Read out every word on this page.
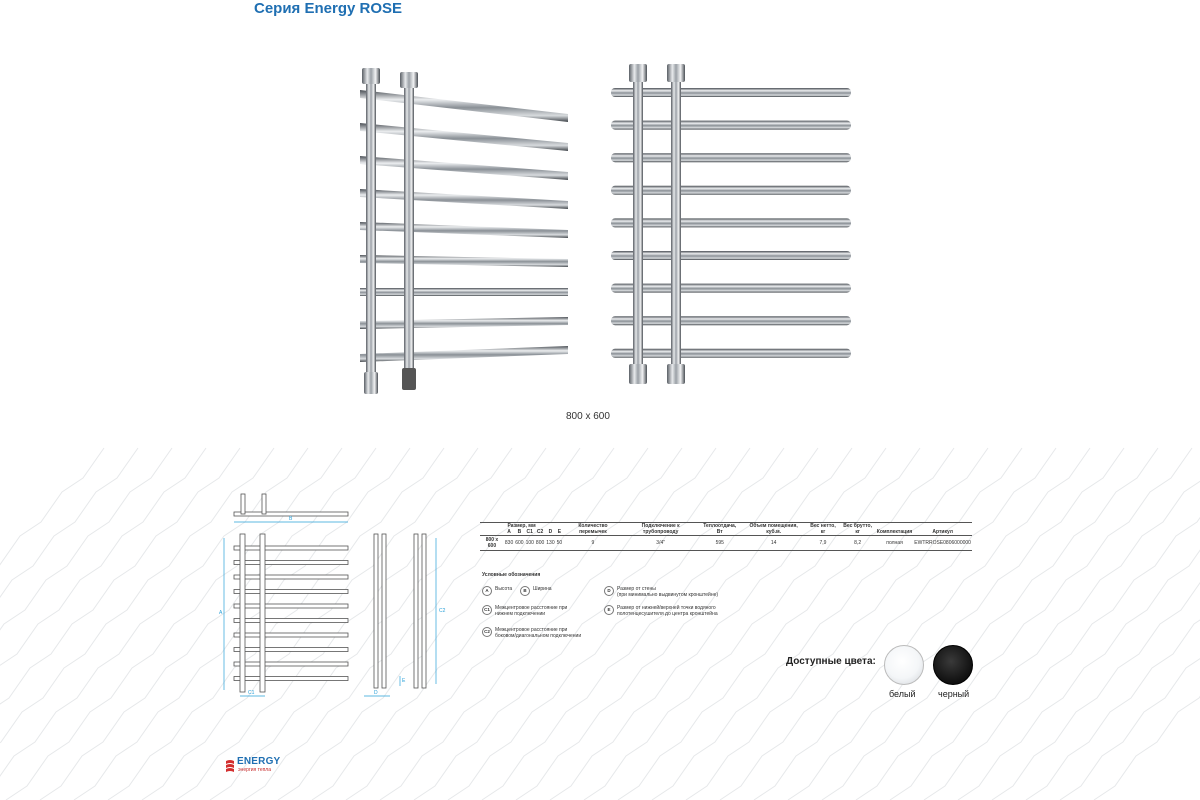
Серия Energy ROSE
800 x 600
B
A
C1
C2
D
E
Размер, мм							Количество перемычек	Подключение к трубопроводу	Теплоотдача, Вт	Объем помещения, куб.м.	Вес нетто, кг	Вес брутто, кг	Комплектация	Артикул
	A	B	C1	C2	D	E								
800 x 600	830	600	100	800	130	50	9	3/4"	595	14	7,9	8,2	полная	EWTRROSE0806000000
Условные обозначения
A	Высота	B	Ширина
C1	Межцентровое расстояние при
нижнем подключении
C2	Межцентровое расстояние при
боковом/диагональном подключении
D	Размер от стены
(при минимально выдвинутом кронштейне)
E	Размер от нижней/верхней точки водяного
полотенцесушителя до центра кронштейна
Доступные цвета:
белый черный
ENERGY
энергия тепла
